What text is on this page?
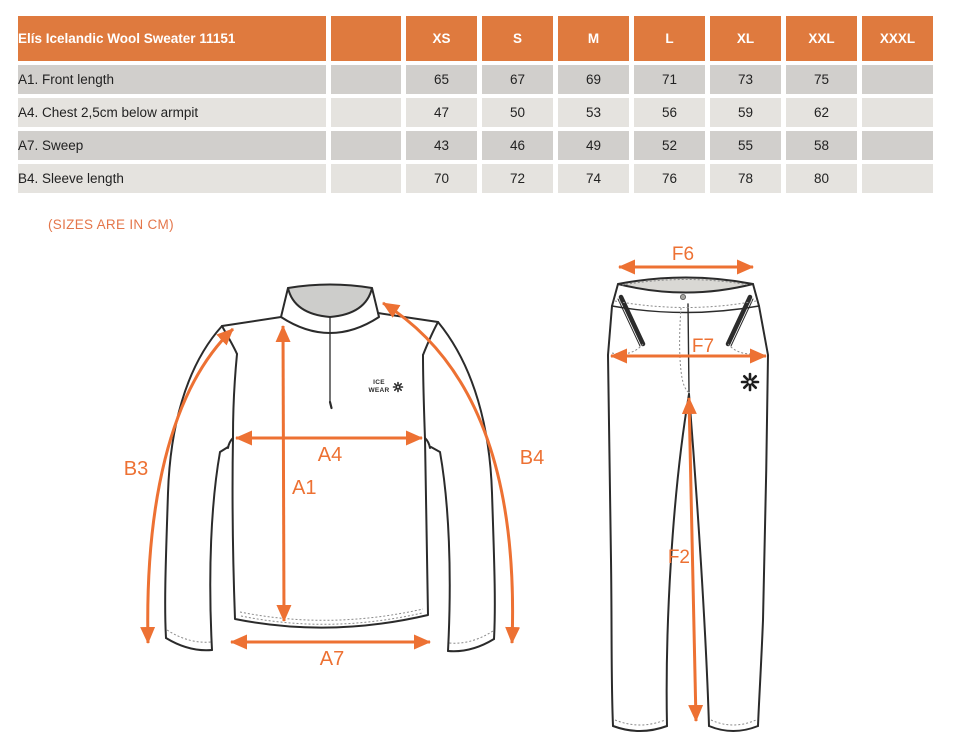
Elís Icelandic Wool Sweater 11151		XS	S	M	L	XL	XXL	XXXL
A1. Front length		65	67	69	71	73	75	
A4. Chest 2,5cm below armpit		47	50	53	56	59	62	
A7. Sweep		43	46	49	52	55	58	
B4. Sleeve length		70	72	74	76	78	80	
(SIZES ARE IN CM)
ICE
WEAR
A1
A4
A7
B3	B4
F6
F7
F2
